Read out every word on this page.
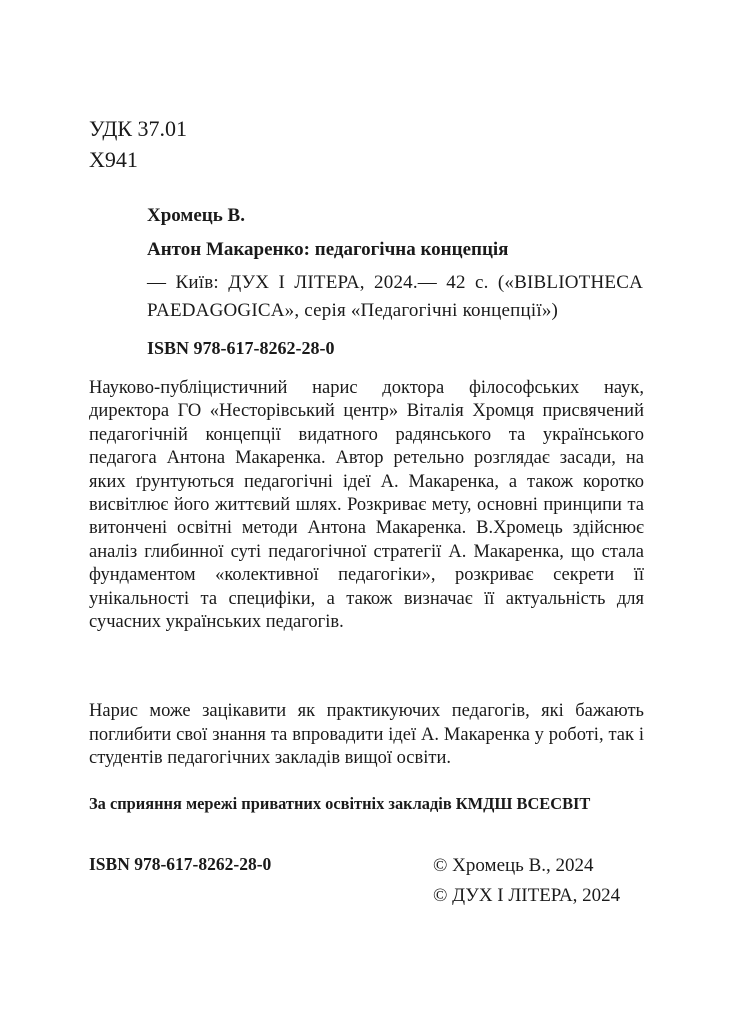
УДК 37.01
Х941
Хромець В.
Антон Макаренко: педагогічна концепція
— Київ: ДУХ І ЛІТЕРА, 2024.— 42 с. («BIBLIOTHECA PAEDAGOGICA», серія «Педагогічні концепції»)
ISBN 978-617-8262-28-0

Науково-публіцистичний нарис доктора філософських наук, директора ГО «Несторівський центр» Віталія Хромця присвячений педагогічній концепції видатного радянського та українського педагога Антона Макаренка. Автор ретельно розглядає засади, на яких ґрунтуються педагогічні ідеї А. Макаренка, а також коротко висвітлює його життєвий шлях. Розкриває мету, основні принципи та витончені освітні методи Антона Макаренка. В.Хромець здійснює аналіз глибинної суті педагогічної стратегії А. Макаренка, що стала фундаментом «колективної педагогіки», розкриває секрети її унікальності та специфіки, а також визначає її актуальність для сучасних українських педагогів.

Нарис може зацікавити як практикуючих педагогів, які бажають поглибити свої знання та впровадити ідеї А. Макаренка у роботі, так і студентів педагогічних закладів вищої освіти.

За сприяння мережі приватних освітніх закладів КМДШ ВСЕСВІТ
ISBN 978-617-8262-28-0	© Хромець В., 2024
© ДУХ І ЛІТЕРА, 2024
